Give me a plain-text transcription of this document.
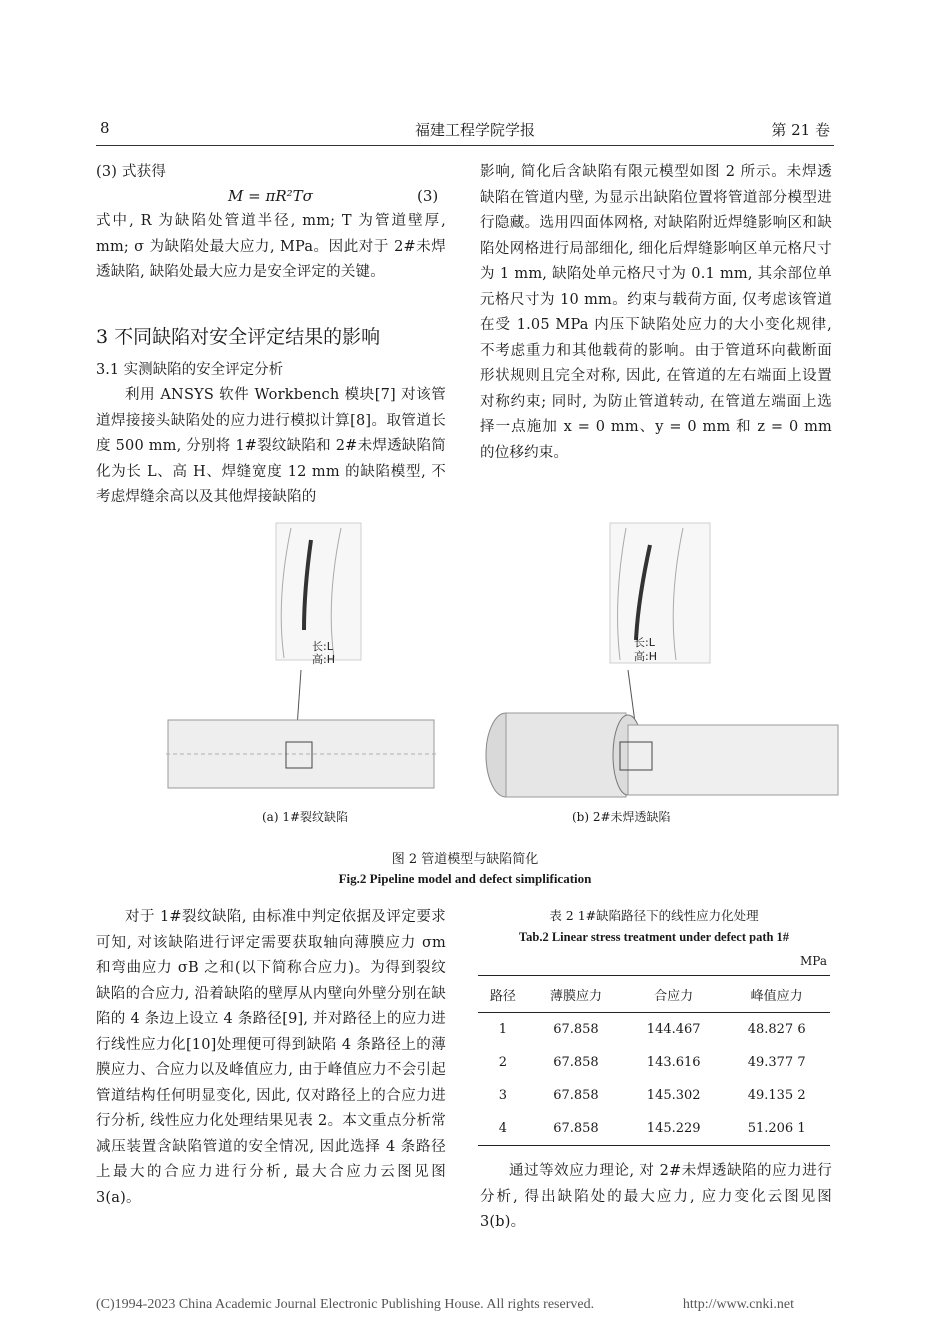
8	福建工程学院学报	第 21 卷
(3) 式获得
M = πR²Tσ	(3)
式中, R 为缺陷处管道半径, mm; T 为管道壁厚, mm; σ 为缺陷处最大应力, MPa。因此对于 2#未焊透缺陷, 缺陷处最大应力是安全评定的关键。
3 不同缺陷对安全评定结果的影响
3.1 实测缺陷的安全评定分析
利用 ANSYS 软件 Workbench 模块[7] 对该管道焊接接头缺陷处的应力进行模拟计算[8]。取管道长度 500 mm, 分别将 1#裂纹缺陷和 2#未焊透缺陷简化为长 L、高 H、焊缝宽度 12 mm 的缺陷模型, 不考虑焊缝余高以及其他焊接缺陷的
影响, 简化后含缺陷有限元模型如图 2 所示。未焊透缺陷在管道内壁, 为显示出缺陷位置将管道部分模型进行隐藏。选用四面体网格, 对缺陷附近焊缝影响区和缺陷处网格进行局部细化, 细化后焊缝影响区单元格尺寸为 1 mm, 缺陷处单元格尺寸为 0.1 mm, 其余部位单元格尺寸为 10 mm。约束与载荷方面, 仅考虑该管道在受 1.05 MPa 内压下缺陷处应力的大小变化规律, 不考虑重力和其他载荷的影响。由于管道环向截断面形状规则且完全对称, 因此, 在管道的左右端面上设置对称约束; 同时, 为防止管道转动, 在管道左端面上选择一点施加 x = 0 mm、y = 0 mm 和 z = 0 mm 的位移约束。
长:L
高:H
(a) 1#裂纹缺陷
长:L
高:H
(b) 2#未焊透缺陷
图 2 管道模型与缺陷简化
Fig.2 Pipeline model and defect simplification
对于 1#裂纹缺陷, 由标准中判定依据及评定要求可知, 对该缺陷进行评定需要获取轴向薄膜应力 σm 和弯曲应力 σB 之和(以下简称合应力)。为得到裂纹缺陷的合应力, 沿着缺陷的壁厚从内壁向外壁分别在缺陷的 4 条边上设立 4 条路径[9], 并对路径上的应力进行线性应力化[10]处理便可得到缺陷 4 条路径上的薄膜应力、合应力以及峰值应力, 由于峰值应力不会引起管道结构任何明显变化, 因此, 仅对路径上的合应力进行分析, 线性应力化处理结果见表 2。本文重点分析常减压装置含缺陷管道的安全情况, 因此选择 4 条路径上最大的合应力进行分析, 最大合应力云图见图 3(a)。
表 2 1#缺陷路径下的线性应力化处理
Tab.2 Linear stress treatment under defect path 1#
MPa
路径	薄膜应力	合应力	峰值应力
1	67.858	144.467	48.827 6
2	67.858	143.616	49.377 7
3	67.858	145.302	49.135 2
4	67.858	145.229	51.206 1
通过等效应力理论, 对 2#未焊透缺陷的应力进行分析, 得出缺陷处的最大应力, 应力变化云图见图 3(b)。
(C)1994-2023 China Academic Journal Electronic Publishing House. All rights reserved.	http://www.cnki.net
